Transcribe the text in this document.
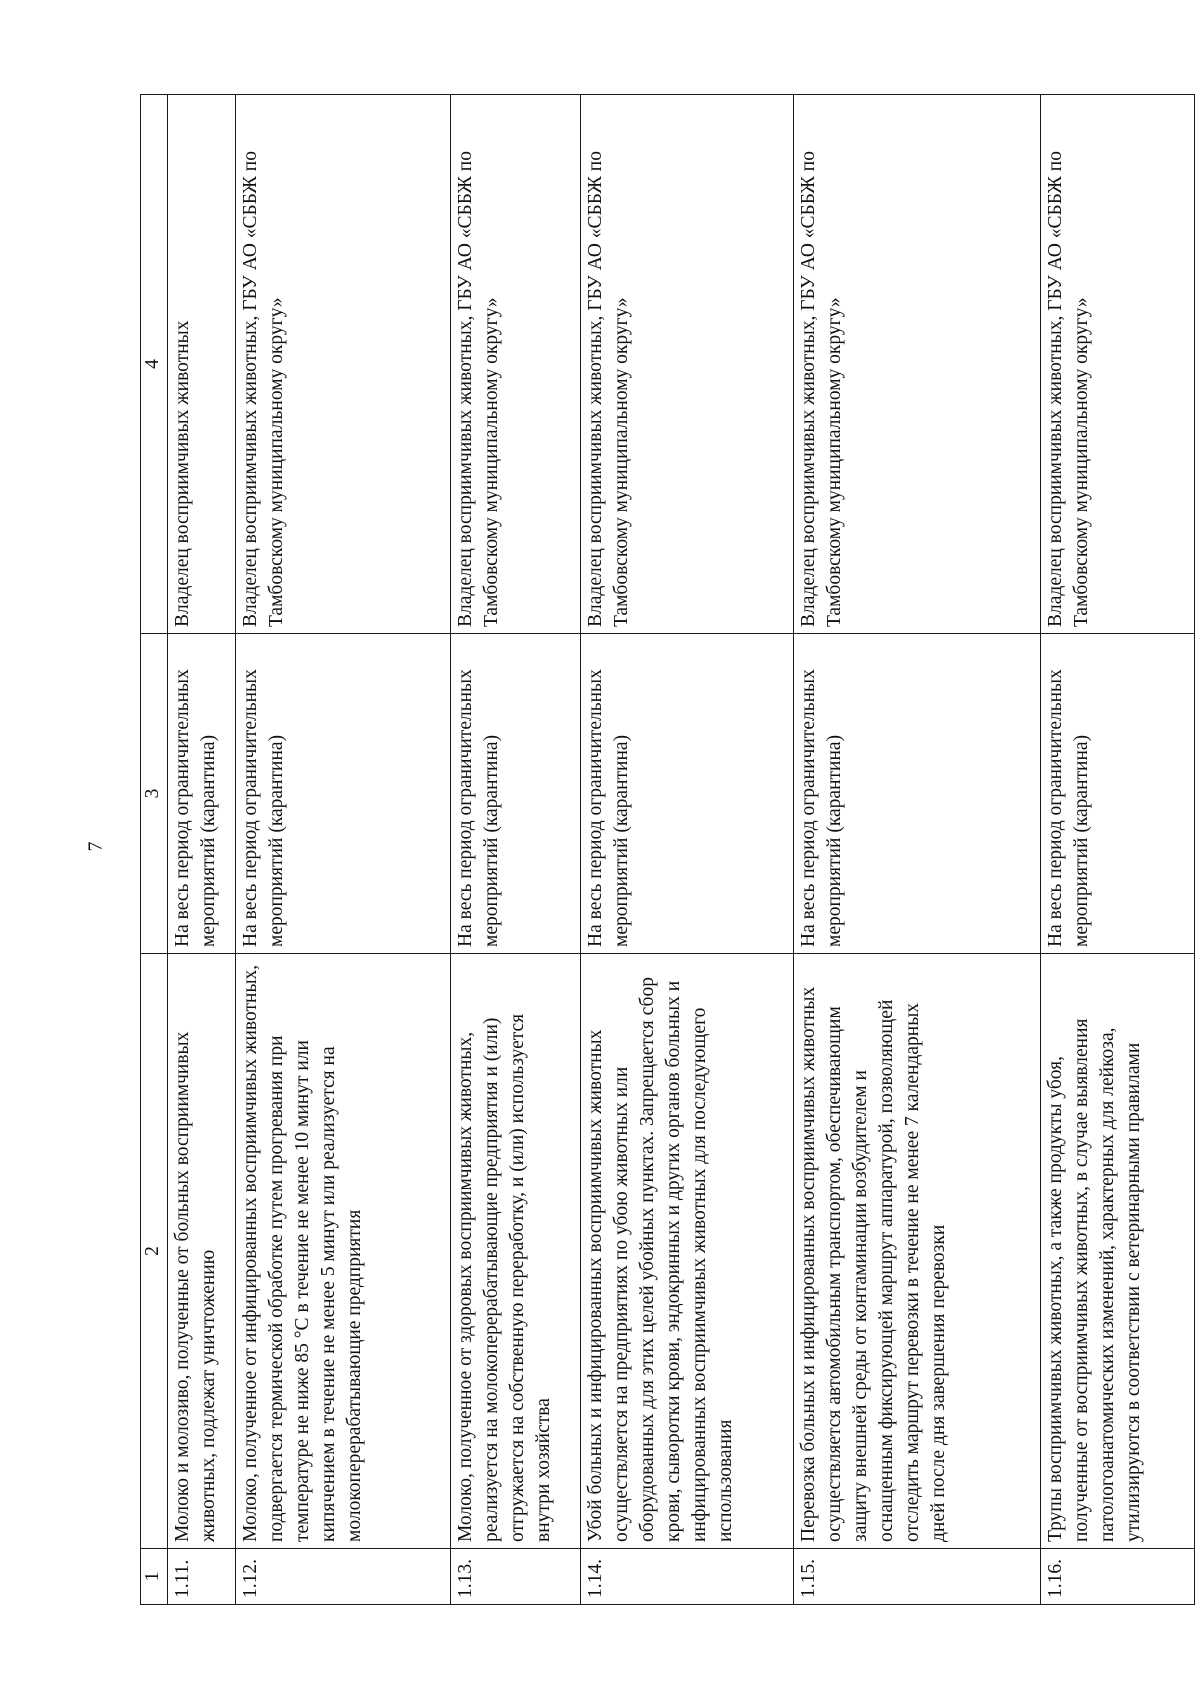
7
1	2	3	4
1.11.	Молоко и молозиво, полученные от больных восприимчивых животных, подлежат уничтожению	На весь период ограничительных мероприятий (карантина)	Владелец восприимчивых животных
1.12.	Молоко, полученное от инфицированных восприимчивых животных, подвергается термической обработке путем прогревания при температуре не ниже 85 °С в течение не менее 10 минут или кипячением в течение не менее 5 минут или реализуется на молокоперерабатывающие предприятия	На весь период ограничительных мероприятий (карантина)	Владелец восприимчивых животных, ГБУ АО «СББЖ по Тамбовскому муниципальному округу»
1.13.	Молоко, полученное от здоровых восприимчивых животных, реализуется на молокоперерабатывающие предприятия и (или) отгружается на собственную переработку, и (или) используется внутри хозяйства	На весь период ограничительных мероприятий (карантина)	Владелец восприимчивых животных, ГБУ АО «СББЖ по Тамбовскому муниципальному округу»
1.14.	Убой больных и инфицированных восприимчивых животных осуществляется на предприятиях по убою животных или оборудованных для этих целей убойных пунктах. Запрещается сбор крови, сыворотки крови, эндокринных и других органов больных и инфицированных восприимчивых животных для последующего использования	На весь период ограничительных мероприятий (карантина)	Владелец восприимчивых животных, ГБУ АО «СББЖ по Тамбовскому муниципальному округу»
1.15.	Перевозка больных и инфицированных восприимчивых животных осуществляется автомобильным транспортом, обеспечивающим защиту внешней среды от контаминации возбудителем и оснащенным фиксирующей маршрут аппаратурой, позволяющей отследить маршрут перевозки в течение не менее 7 календарных дней после дня завершения перевозки	На весь период ограничительных мероприятий (карантина)	Владелец восприимчивых животных, ГБУ АО «СББЖ по Тамбовскому муниципальному округу»
1.16.	Трупы восприимчивых животных, а также продукты убоя, полученные от восприимчивых животных, в случае выявления патологоанатомических изменений, характерных для лейкоза, утилизируются в соответствии с ветеринарными правилами	На весь период ограничительных мероприятий (карантина)	Владелец восприимчивых животных, ГБУ АО «СББЖ по Тамбовскому муниципальному округу»
